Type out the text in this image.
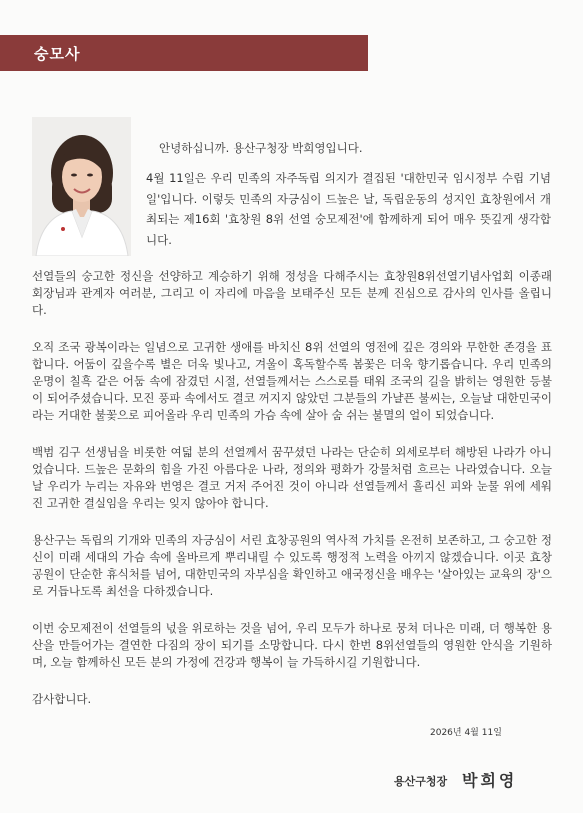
숭모사
안녕하십니까. 용산구청장 박희영입니다.
4월 11일은 우리 민족의 자주독립 의지가 결집된 '대한민국 임시정부 수립 기념일'입니다. 이렇듯 민족의 자긍심이 드높은 날, 독립운동의 성지인 효창원에서 개최되는 제16회 '효창원 8위 선열 숭모제전'에 함께하게 되어 매우 뜻깊게 생각합니다.

선열들의 숭고한 정신을 선양하고 계승하기 위해 정성을 다해주시는 효창원8위선열기념사업회 이종래 회장님과 관계자 여러분, 그리고 이 자리에 마음을 보태주신 모든 분께 진심으로 감사의 인사를 올립니다.

오직 조국 광복이라는 일념으로 고귀한 생애를 바치신 8위 선열의 영전에 깊은 경의와 무한한 존경을 표합니다. 어둠이 깊을수록 별은 더욱 빛나고, 겨울이 혹독할수록 봄꽃은 더욱 향기롭습니다. 우리 민족의 운명이 칠흑 같은 어둠 속에 잠겼던 시절, 선열들께서는 스스로를 태워 조국의 길을 밝히는 영원한 등불이 되어주셨습니다. 모진 풍파 속에서도 결코 꺼지지 않았던 그분들의 가냘픈 불씨는, 오늘날 대한민국이라는 거대한 불꽃으로 피어올라 우리 민족의 가슴 속에 살아 숨 쉬는 불멸의 얼이 되었습니다.

백범 김구 선생님을 비롯한 여덟 분의 선열께서 꿈꾸셨던 나라는 단순히 외세로부터 해방된 나라가 아니었습니다. 드높은 문화의 힘을 가진 아름다운 나라, 정의와 평화가 강물처럼 흐르는 나라였습니다. 오늘날 우리가 누리는 자유와 번영은 결코 거저 주어진 것이 아니라 선열들께서 흘리신 피와 눈물 위에 세워진 고귀한 결실임을 우리는 잊지 않아야 합니다.

용산구는 독립의 기개와 민족의 자긍심이 서린 효창공원의 역사적 가치를 온전히 보존하고, 그 숭고한 정신이 미래 세대의 가슴 속에 올바르게 뿌리내릴 수 있도록 행정적 노력을 아끼지 않겠습니다. 이곳 효창공원이 단순한 휴식처를 넘어, 대한민국의 자부심을 확인하고 애국정신을 배우는 '살아있는 교육의 장'으로 거듭나도록 최선을 다하겠습니다.

이번 숭모제전이 선열들의 넋을 위로하는 것을 넘어, 우리 모두가 하나로 뭉쳐 더나은 미래, 더 행복한 용산을 만들어가는 결연한 다짐의 장이 되기를 소망합니다. 다시 한번 8위선열들의 영원한 안식을 기원하며, 오늘 함께하신 모든 분의 가정에 건강과 행복이 늘 가득하시길 기원합니다.

감사합니다.

2026년 4월 11일
용산구청장 박희영
